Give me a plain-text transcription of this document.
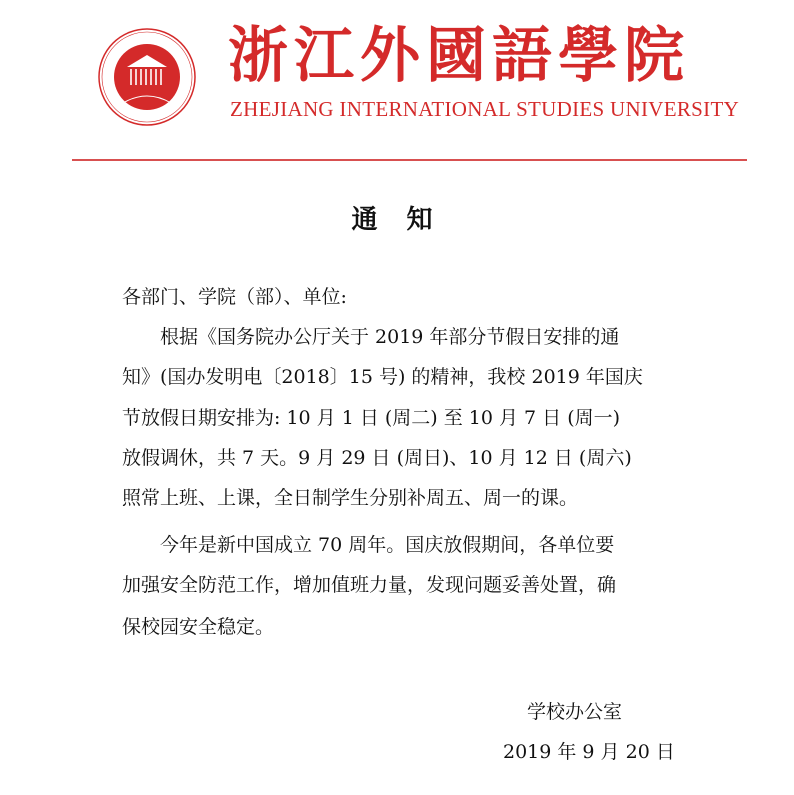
浙江外國語學院
ZHEJIANG INTERNATIONAL STUDIES UNIVERSITY
通 知
各部门、学院（部）、单位:
　　根据《国务院办公厅关于 2019 年部分节假日安排的通
知》(国办发明电〔2018〕15 号) 的精神，我校 2019 年国庆
节放假日期安排为: 10 月 1 日 (周二) 至 10 月 7 日 (周一)
放假调休，共 7 天。9 月 29 日 (周日)、10 月 12 日 (周六)
照常上班、上课，全日制学生分别补周五、周一的课。
　　今年是新中国成立 70 周年。国庆放假期间，各单位要
加强安全防范工作，增加值班力量，发现问题妥善处置，确
保校园安全稳定。
学校办公室
2019 年 9 月 20 日
